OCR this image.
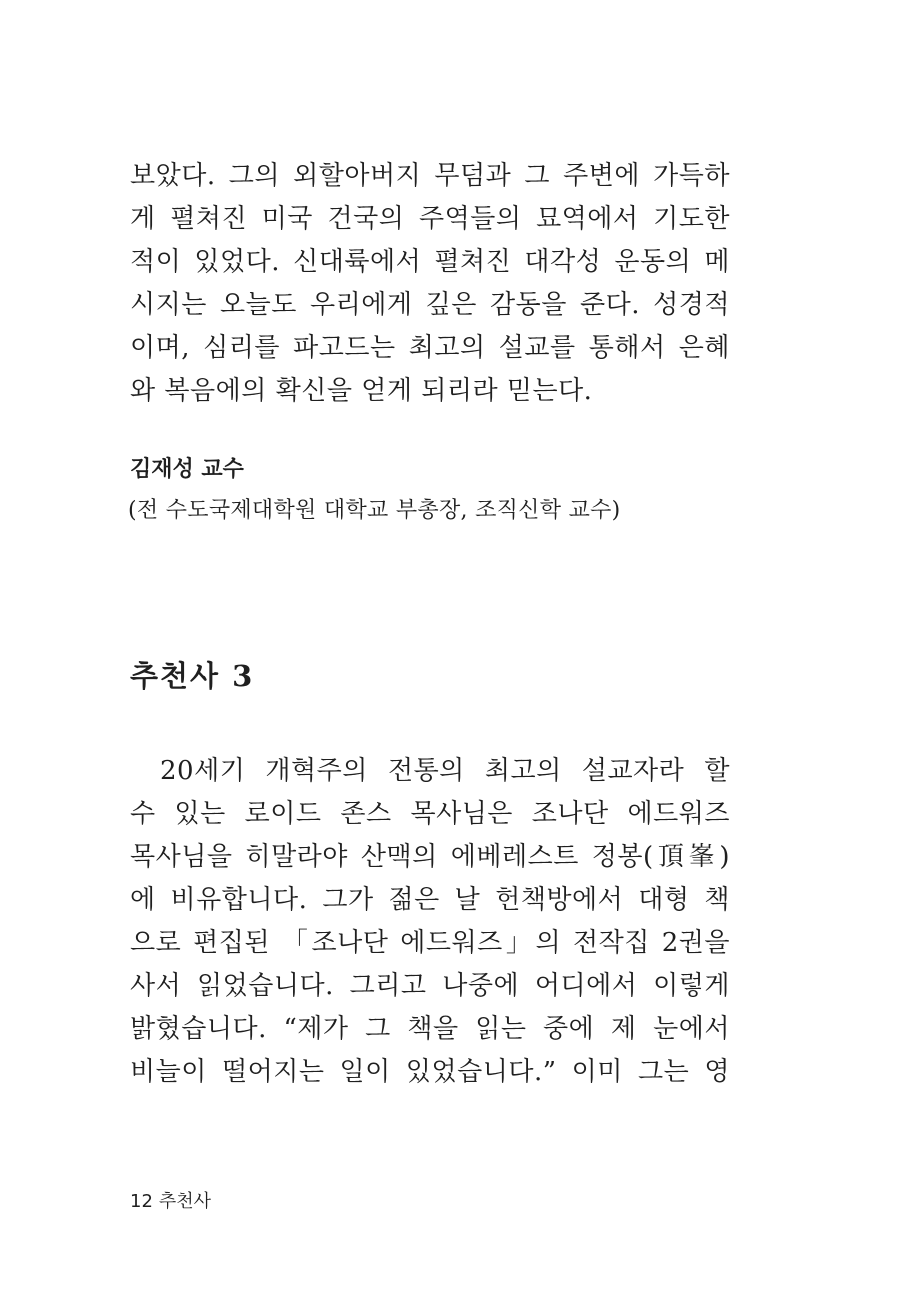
보았다. 그의 외할아버지 무덤과 그 주변에 가득하
게 펼쳐진 미국 건국의 주역들의 묘역에서 기도한
적이 있었다. 신대륙에서 펼쳐진 대각성 운동의 메
시지는 오늘도 우리에게 깊은 감동을 준다. 성경적
이며, 심리를 파고드는 최고의 설교를 통해서 은혜
와 복음에의 확신을 얻게 되리라 믿는다.

김재성 교수

(전 수도국제대학원 대학교 부총장, 조직신학 교수)

추천사 3
20세기 개혁주의 전통의 최고의 설교자라 할
수 있는 로이드 존스 목사님은 조나단 에드워즈
목사님을 히말라야 산맥의 에베레스트 정봉(頂峯)
에 비유합니다. 그가 젊은 날 헌책방에서 대형 책
으로 편집된 「조나단 에드워즈」의 전작집 2권을
사서 읽었습니다. 그리고 나중에 어디에서 이렇게
밝혔습니다. “제가 그 책을 읽는 중에 제 눈에서
비늘이 떨어지는 일이 있었습니다.” 이미 그는 영

12 추천사
